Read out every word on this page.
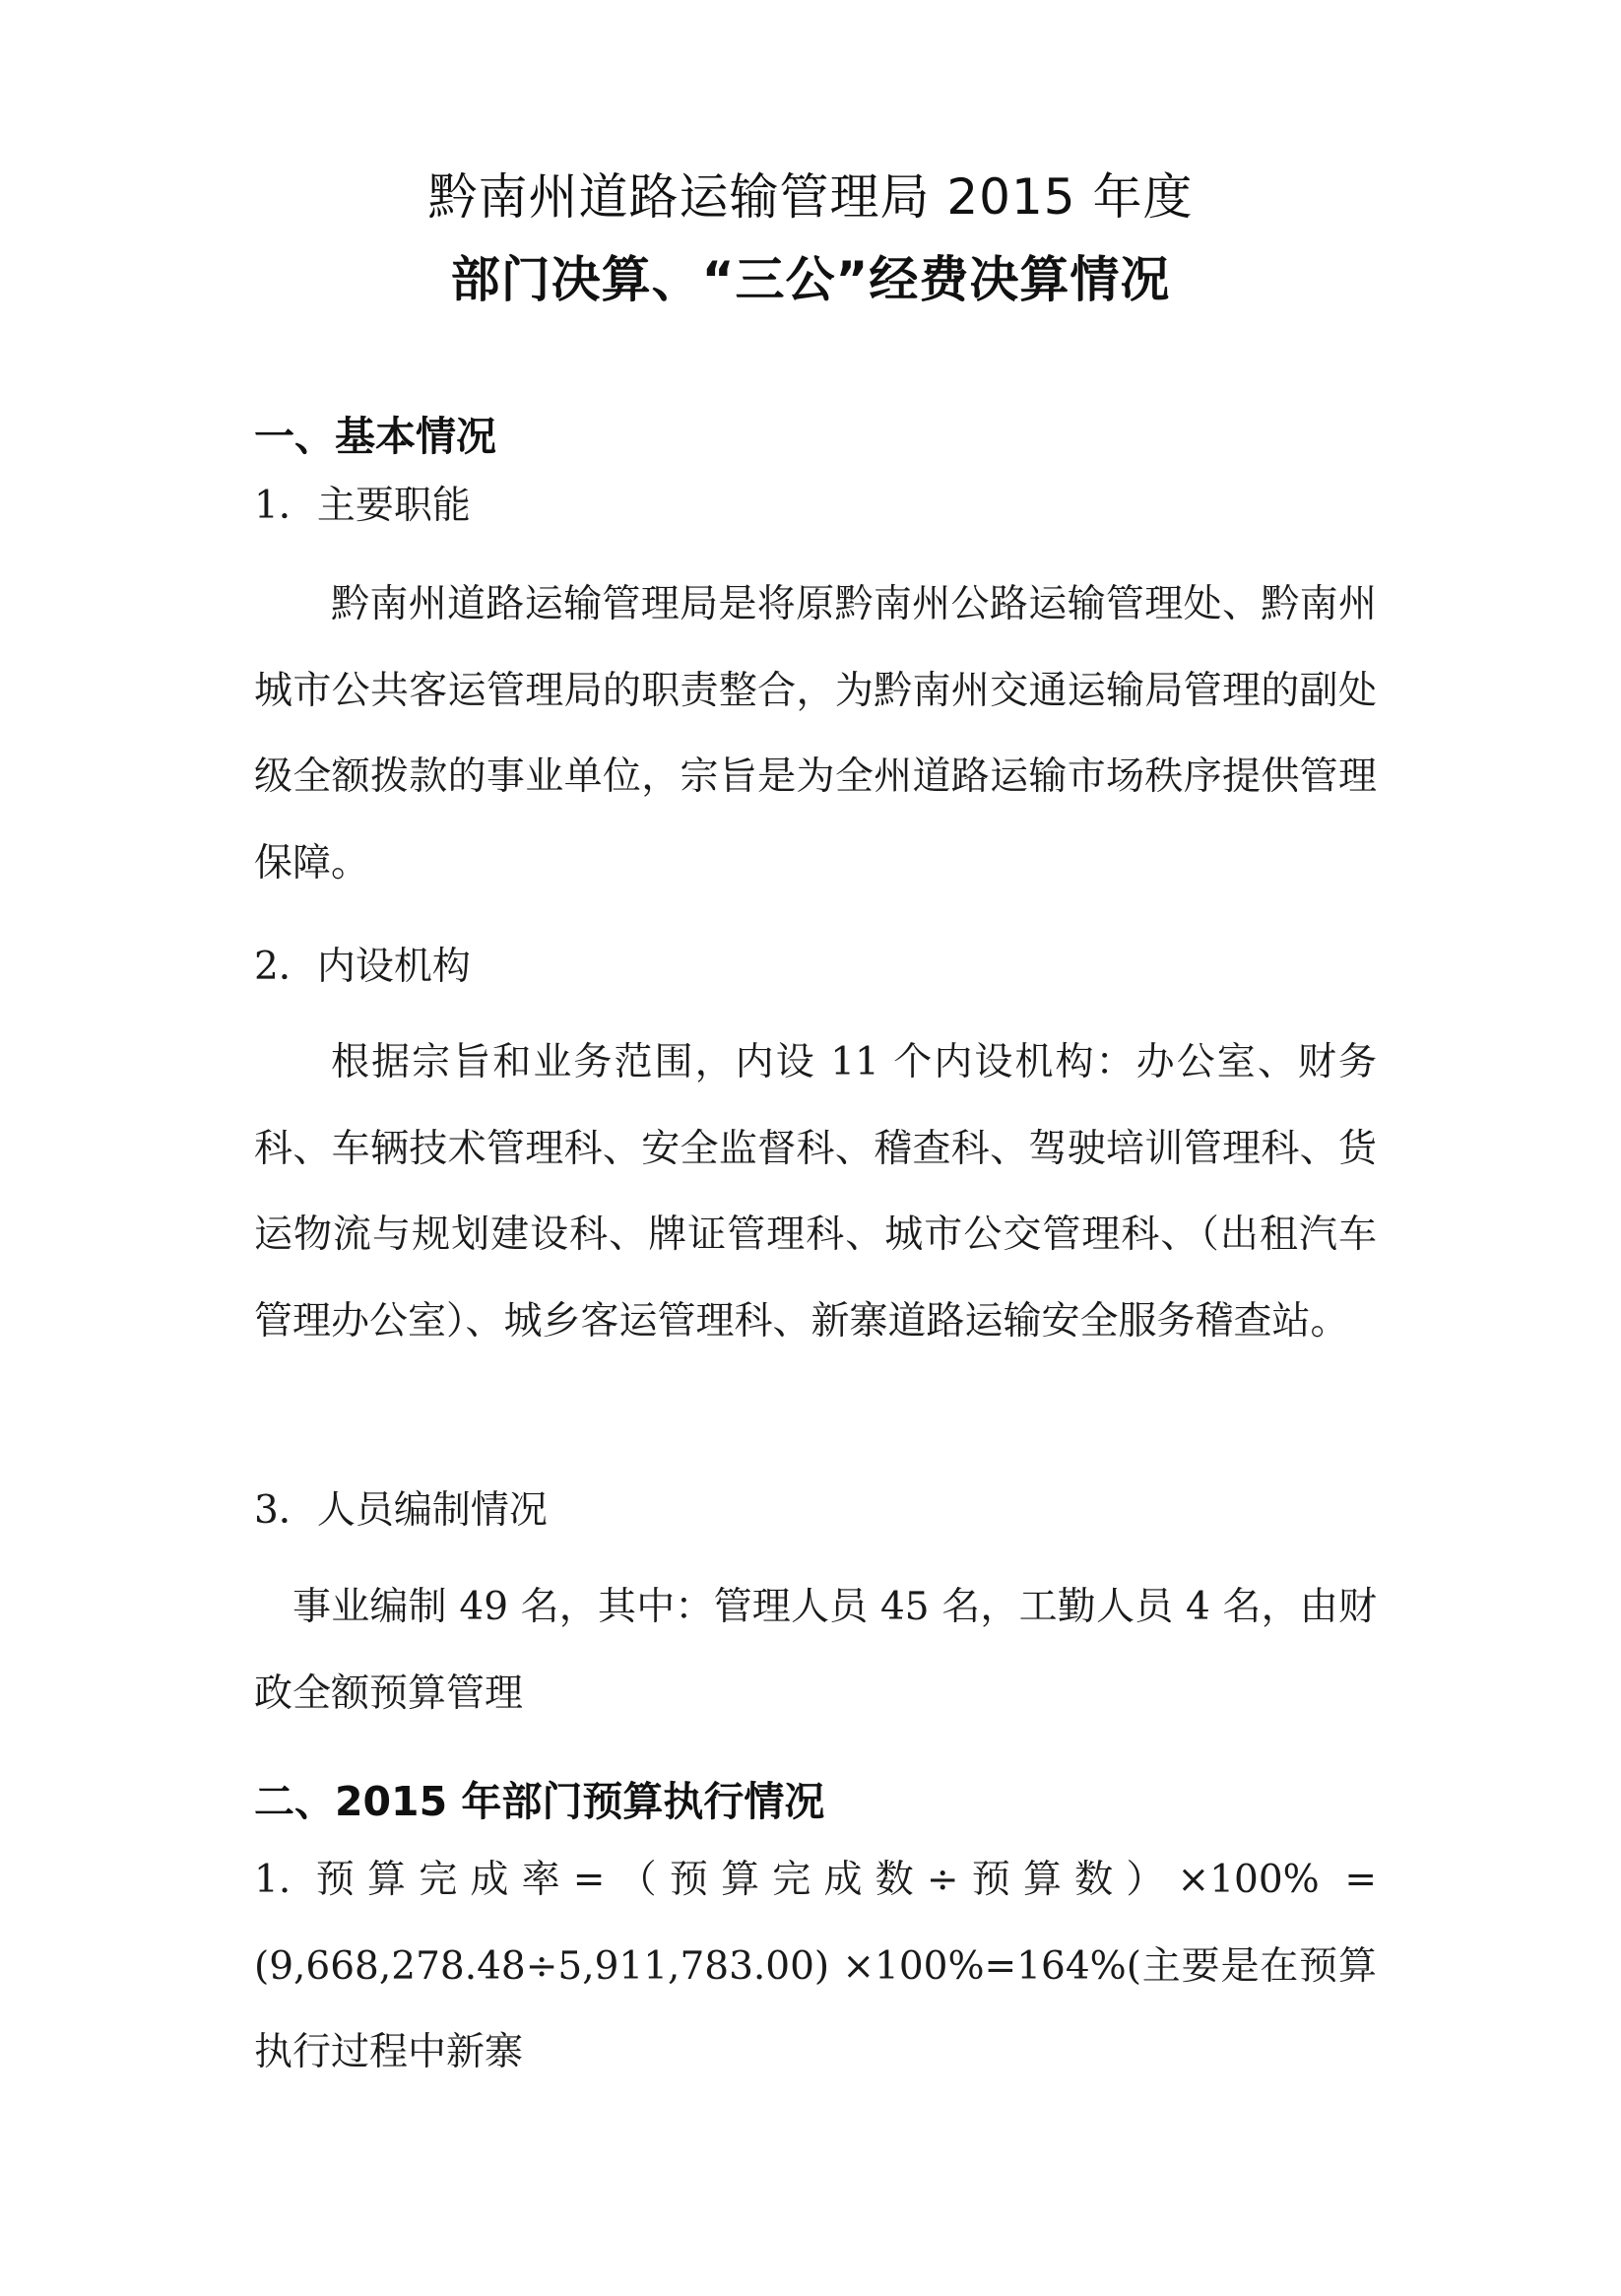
黔南州道路运输管理局 2015 年度
部门决算、“三公”经费决算情况
一、基本情况
1．主要职能

黔南州道路运输管理局是将原黔南州公路运输管理处、黔南州城市公共客运管理局的职责整合，为黔南州交通运输局管理的副处级全额拨款的事业单位，宗旨是为全州道路运输市场秩序提供管理保障。

2．内设机构

根据宗旨和业务范围，内设 11 个内设机构：办公室、财务科、车辆技术管理科、安全监督科、稽查科、驾驶培训管理科、货运物流与规划建设科、牌证管理科、城市公交管理科、（出租汽车管理办公室）、城乡客运管理科、新寨道路运输安全服务稽查站。

3．人员编制情况

事业编制 49 名，其中：管理人员 45 名，工勤人员 4 名，由财政全额预算管理

二、2015 年部门预算执行情况

1. 预算完成率=（预算完成数÷预算数）×100% =(9,668,278.48÷5,911,783.00) ×100%=164%(主要是在预算执行过程中新寨
